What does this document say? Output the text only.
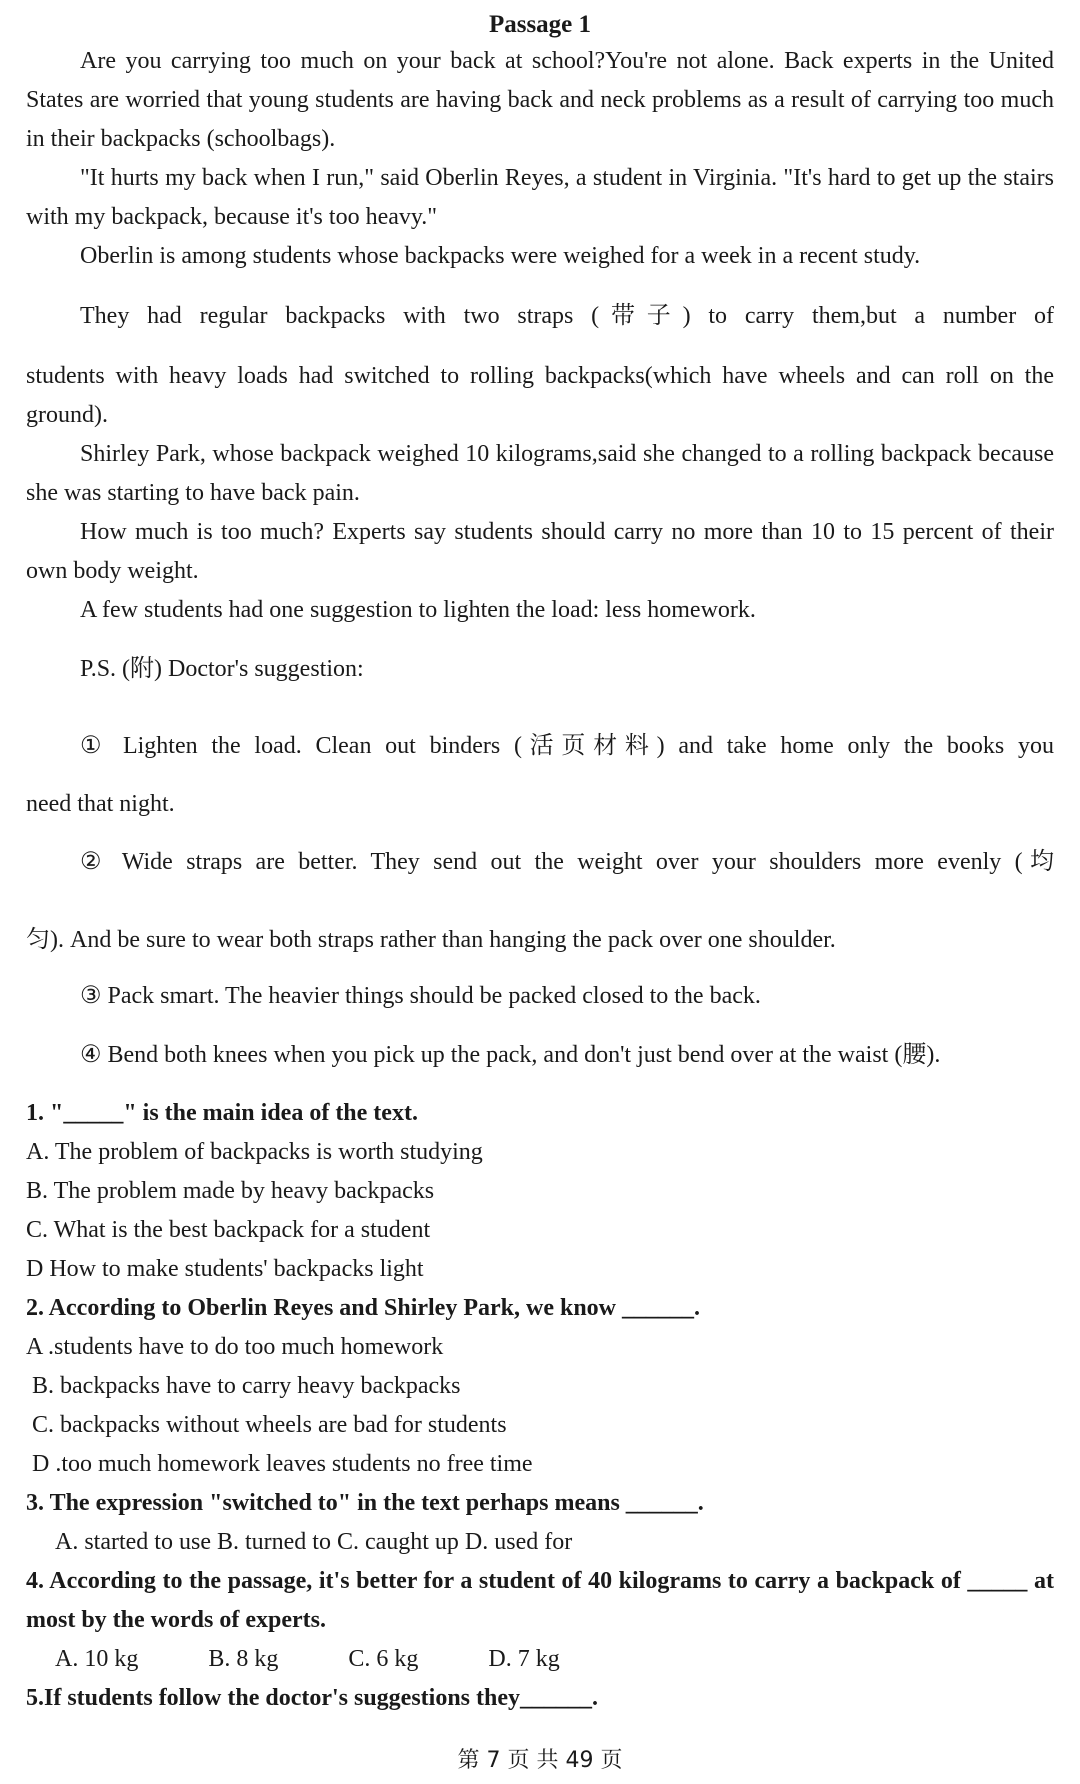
Passage 1

Are you carrying too much on your back at school?You're not alone. Back experts in the United States are worried that young students are having back and neck problems as a result of carrying too much in their backpacks (schoolbags).

"It hurts my back when I run," said Oberlin Reyes, a student in Virginia. "It's hard to get up the stairs with my backpack, because it's too heavy."

Oberlin is among students whose backpacks were weighed for a week in a recent study.

They had regular backpacks with two straps (带子) to carry them,but a number of

students with heavy loads had switched to rolling backpacks(which have wheels and can roll on the ground).

Shirley Park, whose backpack weighed 10 kilograms,said she changed to a rolling backpack because she was starting to have back pain.

How much is too much? Experts say students should carry no more than 10 to 15 percent of their own body weight.

A few students had one suggestion to lighten the load: less homework.

P.S. (附) Doctor's suggestion:

① Lighten the load. Clean out binders (活页材料) and take home only the books you

need that night.

② Wide straps are better. They send out the weight over your shoulders more evenly (均

匀). And be sure to wear both straps rather than hanging the pack over one shoulder.

③ Pack smart. The heavier things should be packed closed to the back.

④ Bend both knees when you pick up the pack, and don't just bend over at the waist (腰).

1. "_____" is the main idea of the text.

A. The problem of backpacks is worth studying

B. The problem made by heavy backpacks

C. What is the best backpack for a student

D How to make students' backpacks light

2. According to Oberlin Reyes and Shirley Park, we know ______.

A .students have to do too much homework

B. backpacks have to carry heavy backpacks

C. backpacks without wheels are bad for students

D .too much homework leaves students no free time

3. The expression "switched to" in the text perhaps means ______.

A. started to use B. turned to C. caught up D. used for

4. According to the passage, it's better for a student of 40 kilograms to carry a backpack of _____ at most by the words of experts.

A. 10 kg	B. 8 kg	C. 6 kg	D. 7 kg

5.If students follow the doctor's suggestions they______.

第 7 页 共 49 页
